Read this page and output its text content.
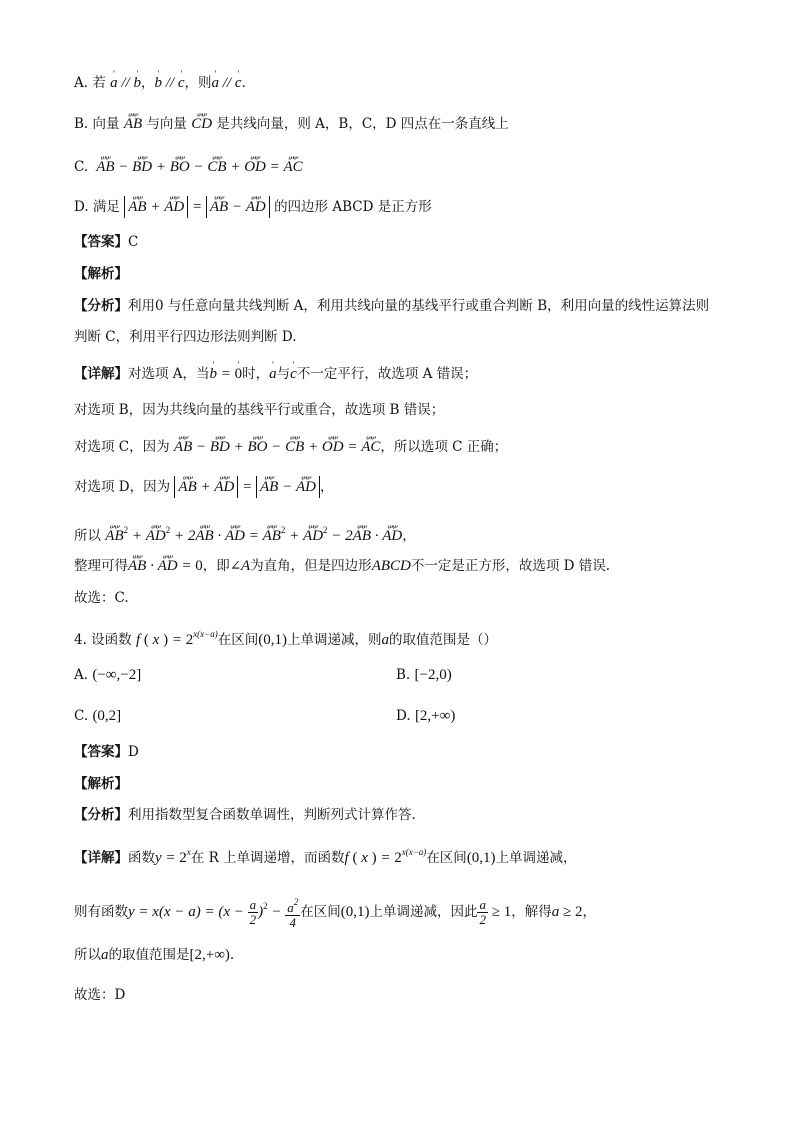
A. 若 ' a // ' b，' b // ' c，则' a // ' c.
B. 向量 ሠሠ AB 与向量 ሠሠ CD 是共线向量，则 A，B，C，D 四点在一条直线上
C. ሠሠ AB − ሠሠ BD + ሠሠ BO − ሠሠ CB + ሠሠ OD = ሠሠ AC
D. 满足 ሠሠ AB + ሠሠ AD = ሠሠ AB − ሠሠ AD 的四边形 ABCD 是正方形
【答案】C
【解析】
【分析】利用0 与任意向量共线判断 A，利用共线向量的基线平行或重合判断 B，利用向量的线性运算法则
判断 C，利用平行四边形法则判断 D.
【详解】对选项 A，当' b = ' 0时，' a与' c不一定平行，故选项 A 错误；
对选项 B，因为共线向量的基线平行或重合，故选项 B 错误；
对选项 C，因为 ሠሠ AB − ሠሠ BD + ሠሠ BO − ሠሠ CB + ሠሠ OD = ሠሠ AC，所以选项 C 正确；
对选项 D，因为 ሠሠ AB + ሠሠ AD = ሠሠ AB − ሠሠ AD ，
所以 ሠሠ $AB^2$ + ሠሠ $AD^2$ + 2ሠሠ AB · ሠሠ AD = ሠሠ $AB^2$ + ሠሠ $AD^2$ − 2ሠሠ AB · ሠሠ AD，
整理可得ሠሠ AB · ሠሠ AD = 0，即∠A为直角，但是四边形ABCD不一定是正方形，故选项 D 错误.
故选：C.
4. 设函数 f ( x ) = $2^{x(x-a)}$在区间(0,1)上单调递减，则a的取值范围是（）
A. (−∞,−2]	B. [−2,0)
C. (0,2]	D. [2,+∞)
【答案】D
【解析】
【分析】利用指数型复合函数单调性，判断列式计算作答.
【详解】函数$y = 2^x$在 R 上单调递增，而函数f ( x ) = $2^{x(x-a)}$在区间(0,1)上单调递减，
则有函数$y = x(x - a) = (x - \frac{a}{2} )^2 - \frac{a^2}{4}$ 在区间(0,1)上单调递减，因此 $\frac{a}{2} \ge 1$，解得a ≥ 2，
所以a的取值范围是[2,+∞).
故选：D
